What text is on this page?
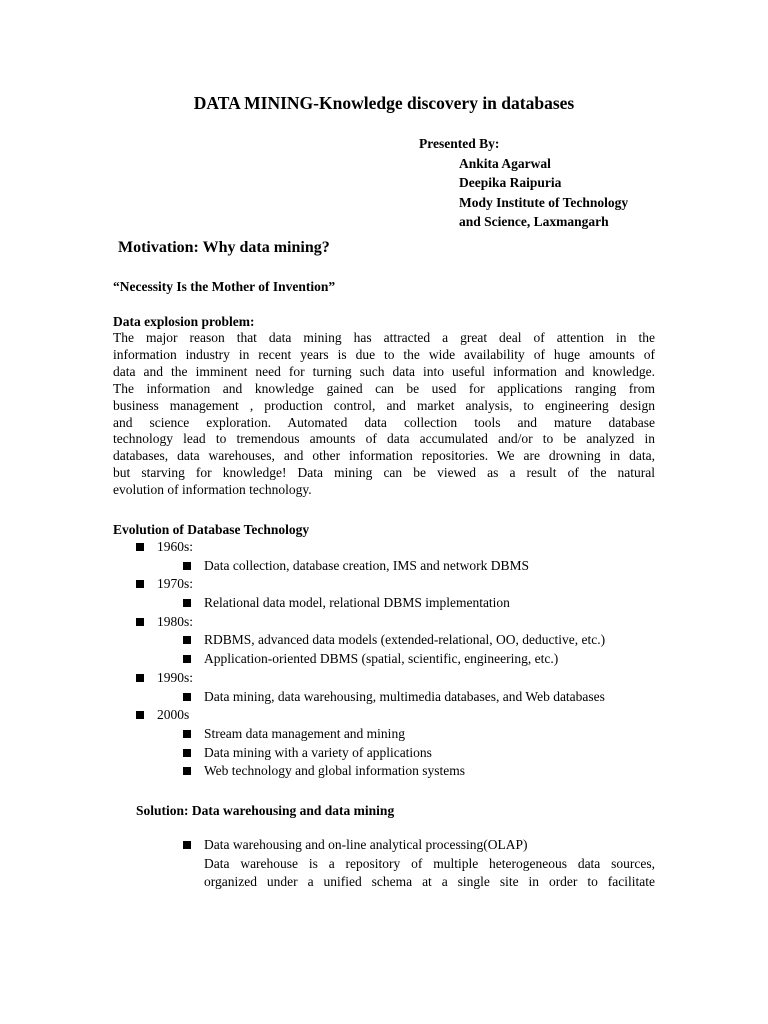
DATA MINING-Knowledge discovery in databases
Presented By:
Ankita Agarwal
Deepika Raipuria
Mody Institute of Technology
and Science, Laxmangarh
Motivation: Why data mining?
“Necessity Is the Mother of Invention”
Data explosion problem:

The major reason that data mining has attracted a great deal of attention in the
information industry in recent years is due to the wide availability of huge amounts of
data and the imminent need for turning such data into useful information and knowledge.
The information and knowledge gained can be used for applications ranging from
business management , production control, and market analysis, to engineering design
and science exploration. Automated data collection tools and mature database
technology lead to tremendous amounts of data accumulated and/or to be analyzed in
databases, data warehouses, and other information repositories. We are drowning in data,
but starving for knowledge! Data mining can be viewed as a result of the natural
evolution of information technology.

Evolution of Database Technology
1960s:
Data collection, database creation, IMS and network DBMS
1970s:
Relational data model, relational DBMS implementation
1980s:
RDBMS, advanced data models (extended-relational, OO, deductive, etc.)
Application-oriented DBMS (spatial, scientific, engineering, etc.)
1990s:
Data mining, data warehousing, multimedia databases, and Web databases
2000s
Stream data management and mining
Data mining with a variety of applications
Web technology and global information systems
Solution: Data warehousing and data mining
Data warehousing and on-line analytical processing(OLAP)

Data warehouse is a repository of multiple heterogeneous data sources,
organized under a unified schema at a single site in order to facilitate
